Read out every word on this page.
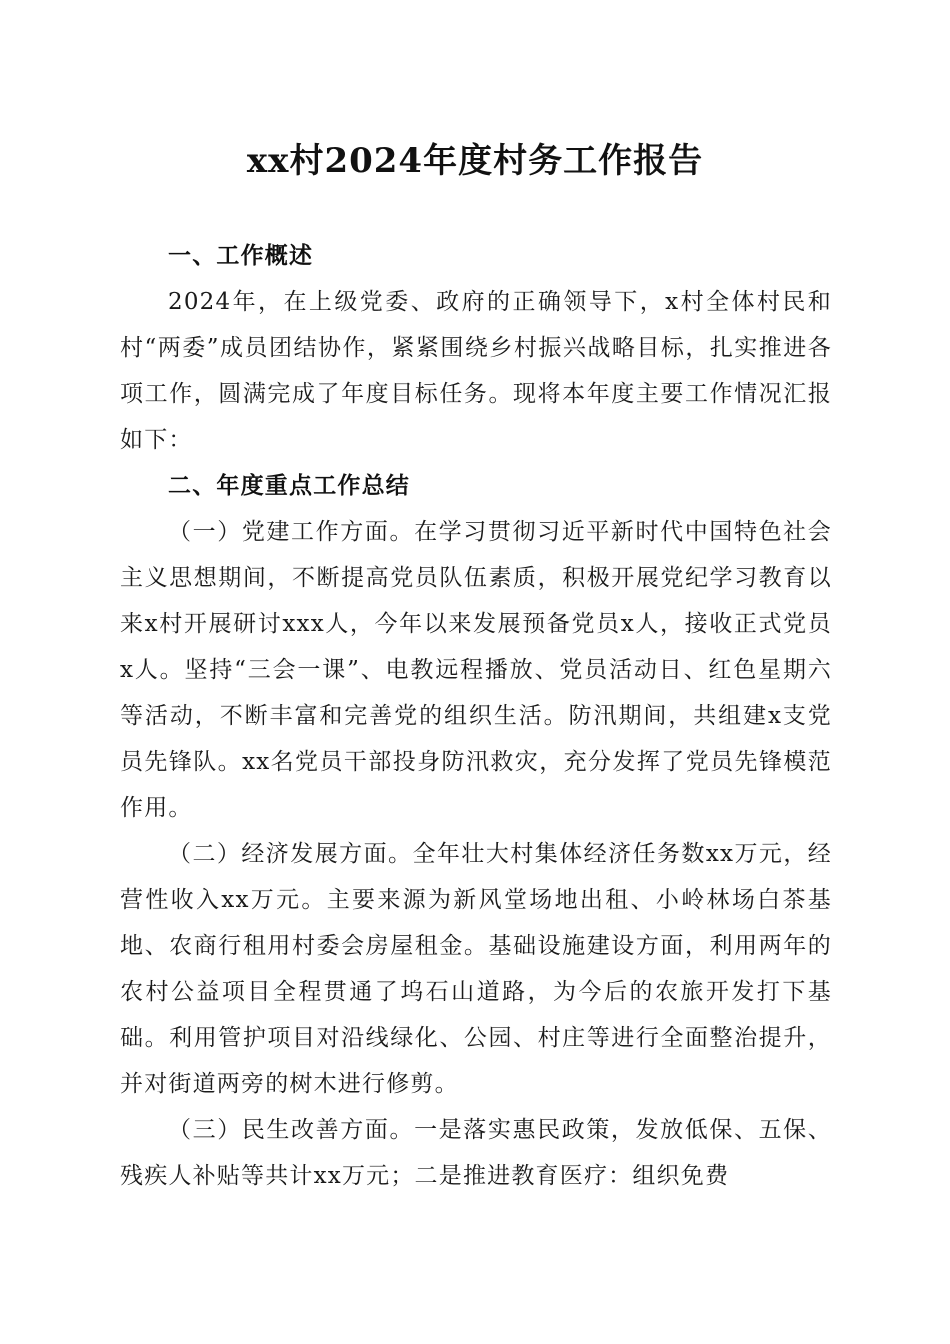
xx村2024年度村务工作报告

一、工作概述

2024年，在上级党委、政府的正确领导下，x村全体村民和村“两委”成员团结协作，紧紧围绕乡村振兴战略目标，扎实推进各项工作，圆满完成了年度目标任务。现将本年度主要工作情况汇报如下：

二、年度重点工作总结

（一）党建工作方面。在学习贯彻习近平新时代中国特色社会主义思想期间，不断提高党员队伍素质，积极开展党纪学习教育以来x村开展研讨xxx人，今年以来发展预备党员x人，接收正式党员x人。坚持“三会一课”、电教远程播放、党员活动日、红色星期六等活动，不断丰富和完善党的组织生活。防汛期间，共组建x支党员先锋队。xx名党员干部投身防汛救灾，充分发挥了党员先锋模范作用。

（二）经济发展方面。全年壮大村集体经济任务数xx万元，经营性收入xx万元。主要来源为新风堂场地出租、小岭林场白茶基地、农商行租用村委会房屋租金。基础设施建设方面，利用两年的农村公益项目全程贯通了坞石山道路，为今后的农旅开发打下基础。利用管护项目对沿线绿化、公园、村庄等进行全面整治提升，并对街道两旁的树木进行修剪。

（三）民生改善方面。一是落实惠民政策，发放低保、五保、残疾人补贴等共计xx万元；二是推进教育医疗：组织免费
